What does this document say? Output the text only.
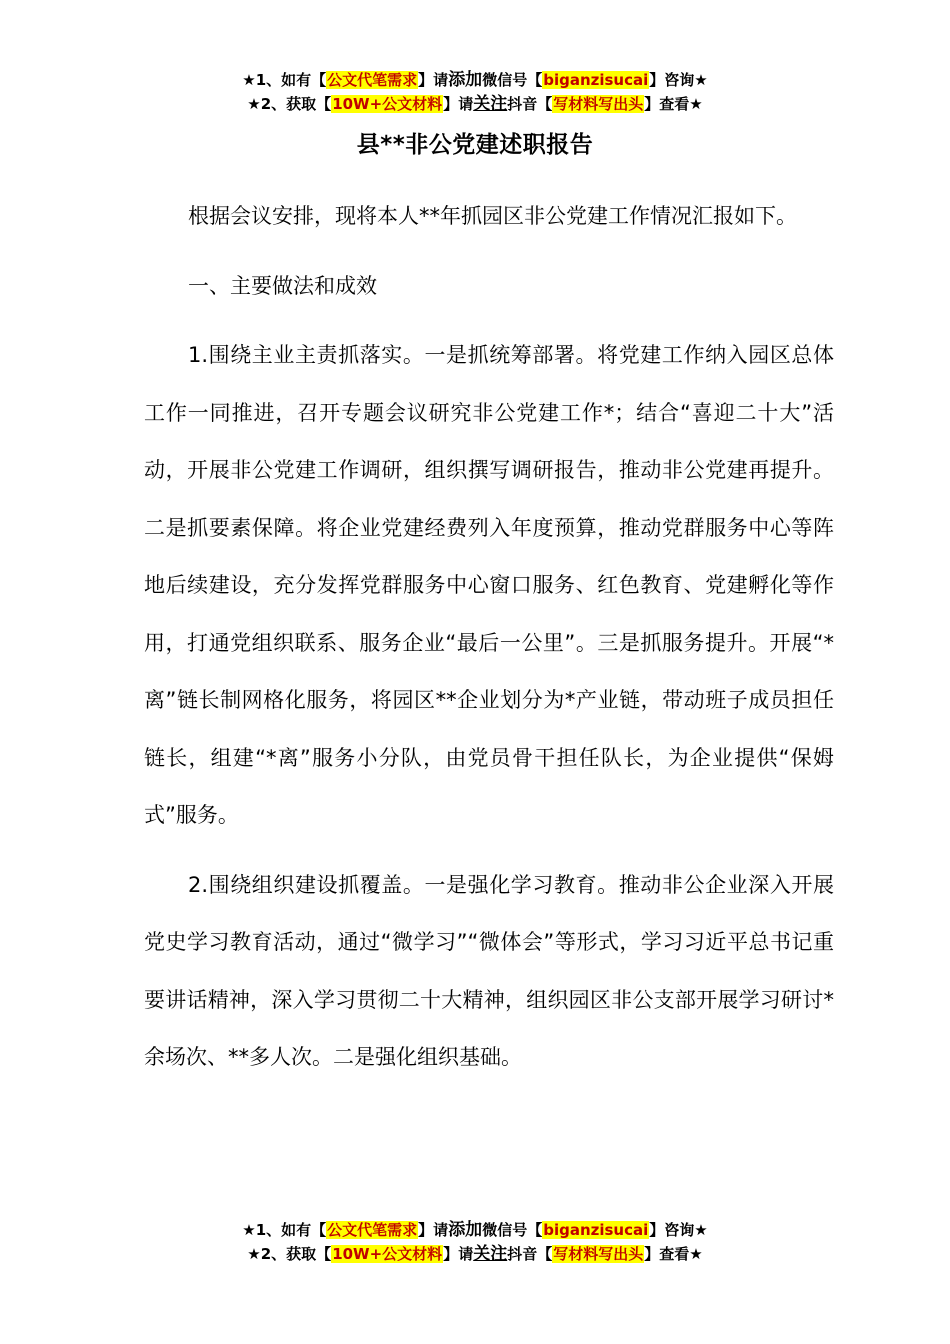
★1、如有【公文代笔需求】请添加微信号【biganzisucai】咨询★
★2、获取【10W+公文材料】请关注抖音【写材料写出头】查看★
县**非公党建述职报告

根据会议安排，现将本人**年抓园区非公党建工作情况汇报如下。

一、主要做法和成效

1.围绕主业主责抓落实。一是抓统筹部署。将党建工作纳入园区总体工作一同推进，召开专题会议研究非公党建工作*；结合“喜迎二十大”活动，开展非公党建工作调研，组织撰写调研报告，推动非公党建再提升。二是抓要素保障。将企业党建经费列入年度预算，推动党群服务中心等阵地后续建设，充分发挥党群服务中心窗口服务、红色教育、党建孵化等作用，打通党组织联系、服务企业“最后一公里”。三是抓服务提升。开展“*离”链长制网格化服务，将园区**企业划分为*产业链，带动班子成员担任链长，组建“*离”服务小分队，由党员骨干担任队长，为企业提供“保姆式”服务。

2.围绕组织建设抓覆盖。一是强化学习教育。推动非公企业深入开展党史学习教育活动，通过“微学习”“微体会”等形式，学习习近平总书记重要讲话精神，深入学习贯彻二十大精神，组织园区非公支部开展学习研讨*余场次、**多人次。二是强化组织基础。

★1、如有【公文代笔需求】请添加微信号【biganzisucai】咨询★
★2、获取【10W+公文材料】请关注抖音【写材料写出头】查看★
